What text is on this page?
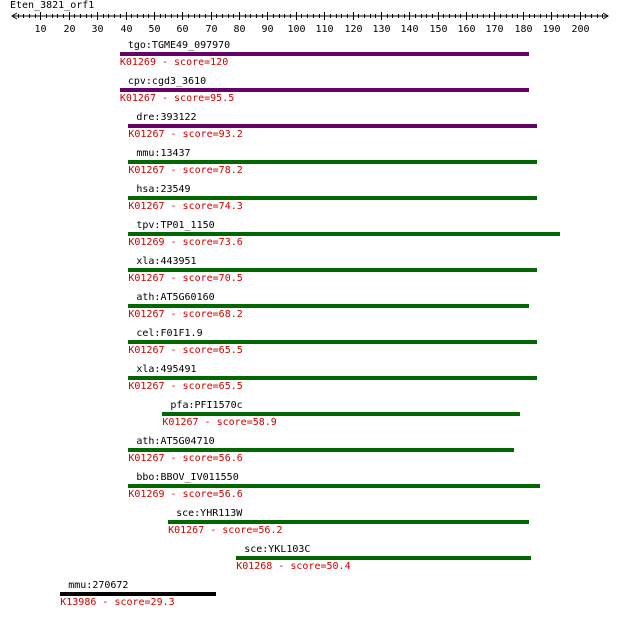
Eten_3821_orf1
10 20 30 40 50 60 70 80 90 100 110 120 130 140 150 160 170 180 190 200
tgo:TGME49_097970
K01269 - score=120
cpv:cgd3_3610
K01267 - score=95.5
dre:393122
K01267 - score=93.2
mmu:13437
K01267 - score=78.2
hsa:23549
K01267 - score=74.3
tpv:TP01_1150
K01269 - score=73.6
xla:443951
K01267 - score=70.5
ath:AT5G60160
K01267 - score=68.2
cel:F01F1.9
K01267 - score=65.5
xla:495491
K01267 - score=65.5
pfa:PFI1570c
K01267 - score=58.9
ath:AT5G04710
K01267 - score=56.6
bbo:BBOV_IV011550
K01269 - score=56.6
sce:YHR113W
K01267 - score=56.2
sce:YKL103C
K01268 - score=50.4
mmu:270672
K13986 - score=29.3
